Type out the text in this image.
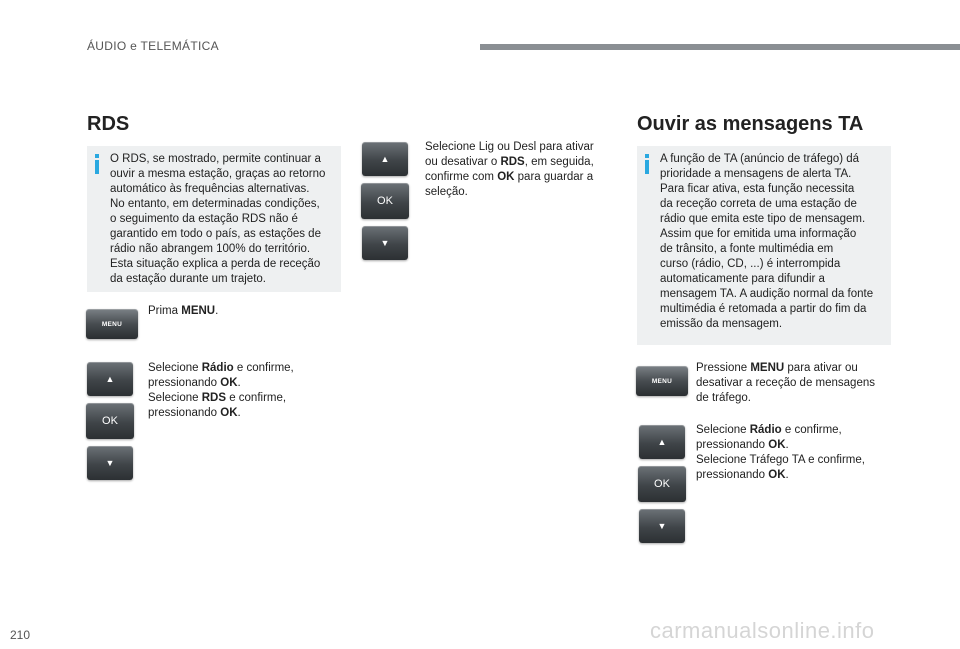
ÁUDIO e TELEMÁTICA
RDS
O RDS, se mostrado, permite continuar a
ouvir a mesma estação, graças ao retorno
automático às frequências alternativas.
No entanto, em determinadas condições,
o seguimento da estação RDS não é
garantido em todo o país, as estações de
rádio não abrangem 100% do território.
Esta situação explica a perda de receção
da estação durante um trajeto.
MENU
Prima MENU.
▲
OK
▼
Selecione Rádio e confirme,
pressionando OK.
Selecione RDS e confirme,
pressionando OK.
▲
OK
▼
Selecione Lig ou Desl para ativar
ou desativar o RDS, em seguida,
confirme com OK para guardar a
seleção.
Ouvir as mensagens TA
A função de TA (anúncio de tráfego) dá
prioridade a mensagens de alerta TA.
Para ficar ativa, esta função necessita
da receção correta de uma estação de
rádio que emita este tipo de mensagem.
Assim que for emitida uma informação
de trânsito, a fonte multimédia em
curso (rádio, CD, ...) é interrompida
automaticamente para difundir a
mensagem TA. A audição normal da fonte
multimédia é retomada a partir do fim da
emissão da mensagem.
MENU
Pressione MENU para ativar ou
desativar a receção de mensagens
de tráfego.
▲
OK
▼
Selecione Rádio e confirme,
pressionando OK.
Selecione Tráfego TA e confirme,
pressionando OK.
210	carmanualsonline.info
